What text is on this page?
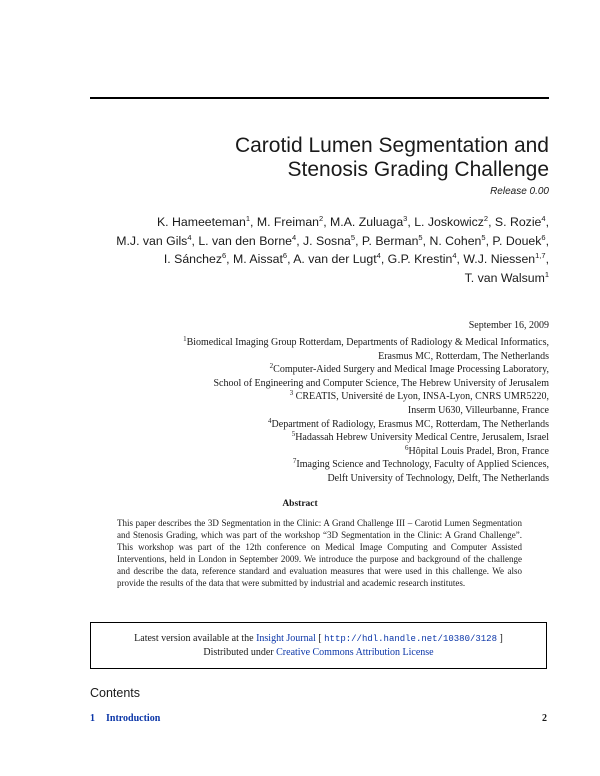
Carotid Lumen Segmentation and
Stenosis Grading Challenge
Release 0.00
K. Hameeteman$^1$, M. Freiman$^2$, M.A. Zuluaga$^3$, L. Joskowicz$^2$, S. Rozie$^4$,
M.J. van Gils$^4$, L. van den Borne$^4$, J. Sosna$^5$, P. Berman$^5$, N. Cohen$^5$, P. Douek$^6$,
I. Sánchez$^6$, M. Aissat$^6$, A. van der Lugt$^4$, G.P. Krestin$^4$, W.J. Niessen$^{1,7}$,
T. van Walsum$^1$
September 16, 2009
$^1$Biomedical Imaging Group Rotterdam, Departments of Radiology & Medical Informatics,
Erasmus MC, Rotterdam, The Netherlands
$^2$Computer-Aided Surgery and Medical Image Processing Laboratory,
School of Engineering and Computer Science, The Hebrew University of Jerusalem
$^3$ CREATIS, Université de Lyon, INSA-Lyon, CNRS UMR5220,
Inserm U630, Villeurbanne, France
$^4$Department of Radiology, Erasmus MC, Rotterdam, The Netherlands
$^5$Hadassah Hebrew University Medical Centre, Jerusalem, Israel
$^6$Hôpital Louis Pradel, Bron, France
$^7$Imaging Science and Technology, Faculty of Applied Sciences,
Delft University of Technology, Delft, The Netherlands
Abstract
This paper describes the 3D Segmentation in the Clinic: A Grand Challenge III – Carotid Lumen Segmentation and Stenosis Grading, which was part of the workshop “3D Segmentation in the Clinic: A Grand Challenge”. This workshop was part of the 12th conference on Medical Image Computing and Computer Assisted Interventions, held in London in September 2009. We introduce the purpose and background of the challenge and describe the data, reference standard and evaluation measures that were used in this challenge. We also provide the results of the data that were submitted by industrial and academic research institutes.
Latest version available at the Insight Journal [ http://hdl.handle.net/10380/3128 ]
Distributed under Creative Commons Attribution License
Contents
1 Introduction	2
